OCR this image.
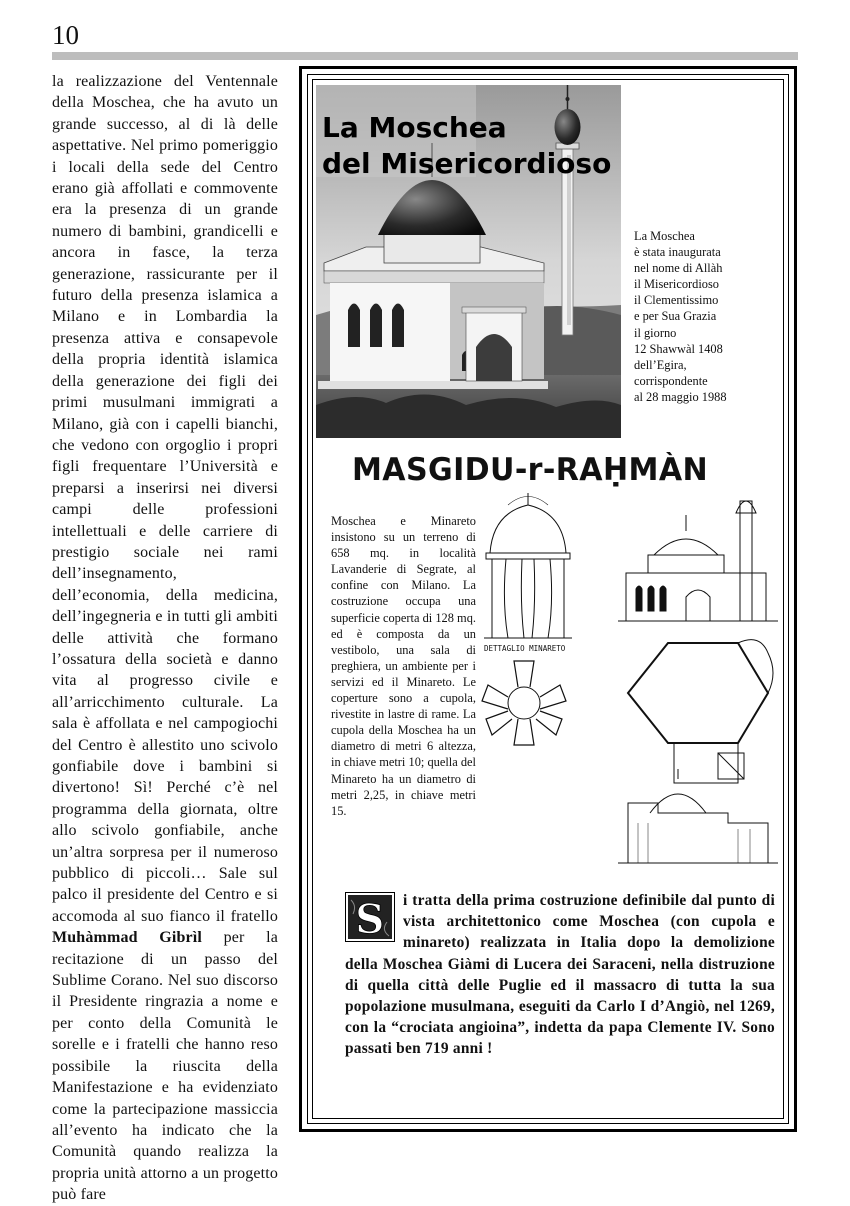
10
la realizzazione del Ventennale della Moschea, che ha avuto un grande successo, al di là delle aspettative. Nel primo pomeriggio i locali della sede del Centro erano già affollati e commovente era la presenza di un grande numero di bambini, grandicelli e ancora in fasce, la terza generazione, rassicurante per il futuro della presenza islamica a Milano e in Lombardia la presenza attiva e consapevole della propria identità islamica della generazione dei figli dei primi musulmani immigrati a Milano, già con i capelli bianchi, che vedono con orgoglio i propri figli frequentare l’Università e preparsi a inserirsi nei diversi campi delle professioni intellettuali e delle carriere di prestigio sociale nei rami dell’insegnamento, dell’economia, della medicina, dell’ingegneria e in tutti gli ambiti delle attività che formano l’ossatura della società e danno vita al progresso civile e all’arricchimento culturale. La sala è affollata e nel campogiochi del Centro è allestito uno scivolo gonfiabile dove i bambini si divertono! Sì! Perché c’è nel programma della giornata, oltre allo scivolo gonfiabile, anche un’altra sorpresa per il numeroso pubblico di piccoli… Sale sul palco il presidente del Centro e si accomoda al suo fianco il fratello Muhàmmad Gibrìl per la recitazione di un passo del Sublime Corano. Nel suo discorso il Presidente ringrazia a nome e per conto della Comunità le sorelle e i fratelli che hanno reso possibile la riuscita della Manifestazione e ha evidenziato come la partecipazione massiccia all’evento ha indicato che la Comunità quando realizza la propria unità attorno a un progetto può fare
La Moschea
del Misericordioso
La Moschea
è stata inaugurata
nel nome di Allàh
il Misericordioso
il Clementissimo
e per Sua Grazia
il giorno
12 Shawwàl 1408
dell’Egira,
corrispondente
al 28 maggio 1988
MASGIDU-r-RAḤMÀN
Moschea e Minareto insistono su un terreno di 658 mq. in località Lavanderie di Segrate, al confine con Milano. La costruzione occupa una superficie coperta di 128 mq. ed è composta da un vestibolo, una sala di preghiera, un ambiente per i servizi ed il Minareto. Le coperture sono a cupola, rivestite in lastre di rame. La cupola della Moschea ha un diametro di metri 6 altezza, in chiave metri 10; quella del Minareto ha un diametro di metri 2,25, in chiave metri 15.
DETTAGLIO MINARETO
S i tratta della prima costruzione definibile dal punto di vista architettonico come Moschea (con cupola e minareto) realizzata in Italia dopo la demolizione della Moschea Giàmi di Lucera dei Saraceni, nella distruzione di quella città delle Puglie ed il massacro di tutta la sua popolazione musulmana, eseguiti da Carlo I d’Angiò, nel 1269, con la “crociata angioina”, indetta da papa Clemente IV. Sono passati ben 719 anni !
